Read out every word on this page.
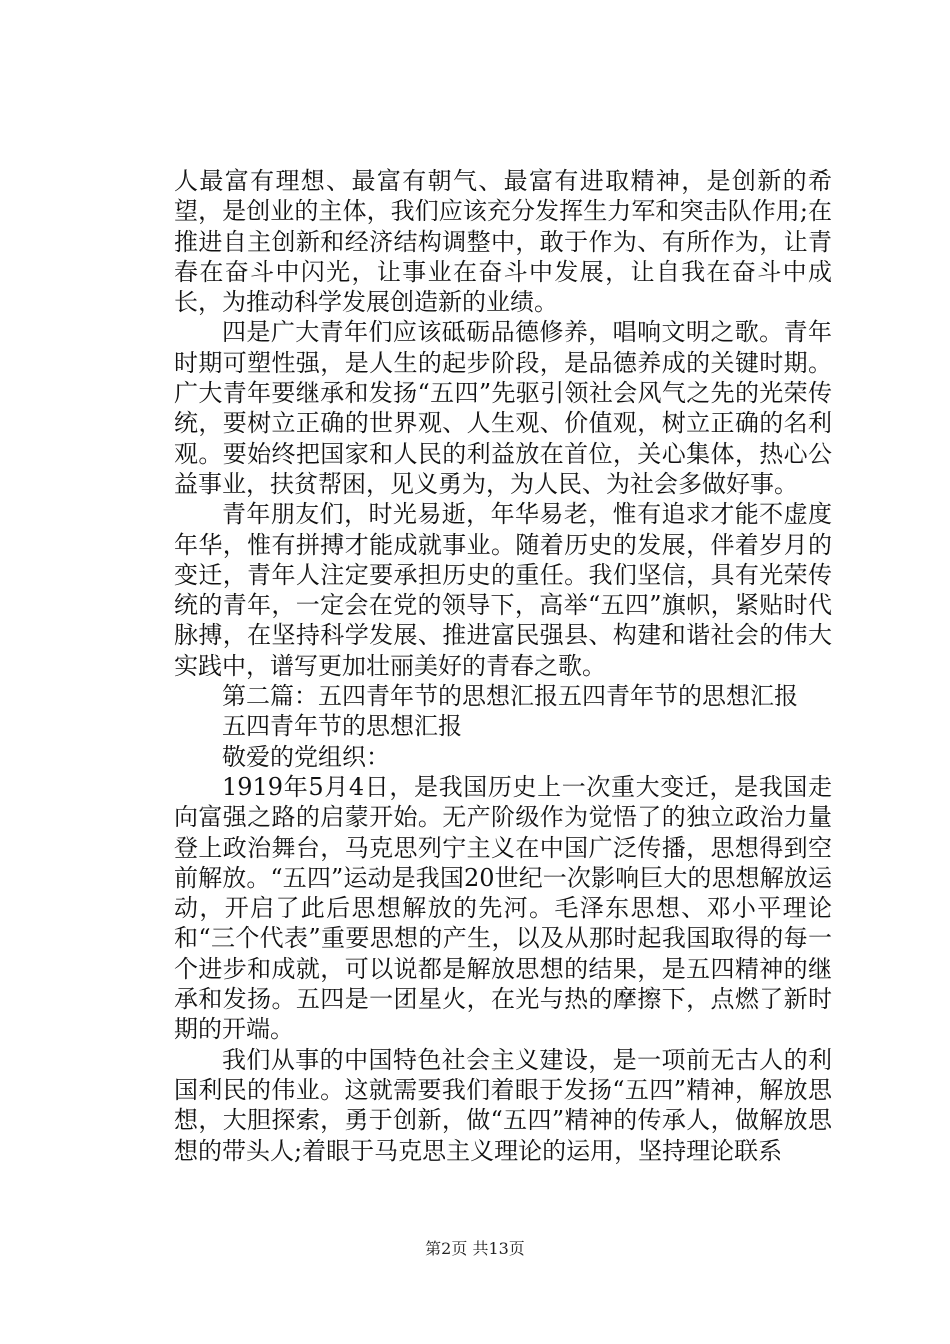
人最富有理想、最富有朝气、最富有进取精神，是创新的希望，是创业的主体，我们应该充分发挥生力军和突击队作用;在推进自主创新和经济结构调整中，敢于作为、有所作为，让青春在奋斗中闪光，让事业在奋斗中发展，让自我在奋斗中成长，为推动科学发展创造新的业绩。

四是广大青年们应该砥砺品德修养，唱响文明之歌。青年时期可塑性强，是人生的起步阶段，是品德养成的关键时期。广大青年要继承和发扬“五四”先驱引领社会风气之先的光荣传统，要树立正确的世界观、人生观、价值观，树立正确的名利观。要始终把国家和人民的利益放在首位，关心集体，热心公益事业，扶贫帮困，见义勇为，为人民、为社会多做好事。

青年朋友们，时光易逝，年华易老，惟有追求才能不虚度年华，惟有拼搏才能成就事业。随着历史的发展，伴着岁月的变迁，青年人注定要承担历史的重任。我们坚信，具有光荣传统的青年，一定会在党的领导下，高举“五四”旗帜，紧贴时代脉搏，在坚持科学发展、推进富民强县、构建和谐社会的伟大实践中，谱写更加壮丽美好的青春之歌。

第二篇：五四青年节的思想汇报五四青年节的思想汇报

五四青年节的思想汇报

敬爱的党组织：

1919年5月4日，是我国历史上一次重大变迁，是我国走向富强之路的启蒙开始。无产阶级作为觉悟了的独立政治力量登上政治舞台，马克思列宁主义在中国广泛传播，思想得到空前解放。“五四”运动是我国20世纪一次影响巨大的思想解放运动，开启了此后思想解放的先河。毛泽东思想、邓小平理论和“三个代表”重要思想的产生，以及从那时起我国取得的每一个进步和成就，可以说都是解放思想的结果，是五四精神的继承和发扬。五四是一团星火，在光与热的摩擦下，点燃了新时期的开端。

我们从事的中国特色社会主义建设，是一项前无古人的利国利民的伟业。这就需要我们着眼于发扬“五四”精神，解放思想，大胆探索，勇于创新，做“五四”精神的传承人，做解放思想的带头人;着眼于马克思主义理论的运用，坚持理论联系

第2页 共13页
